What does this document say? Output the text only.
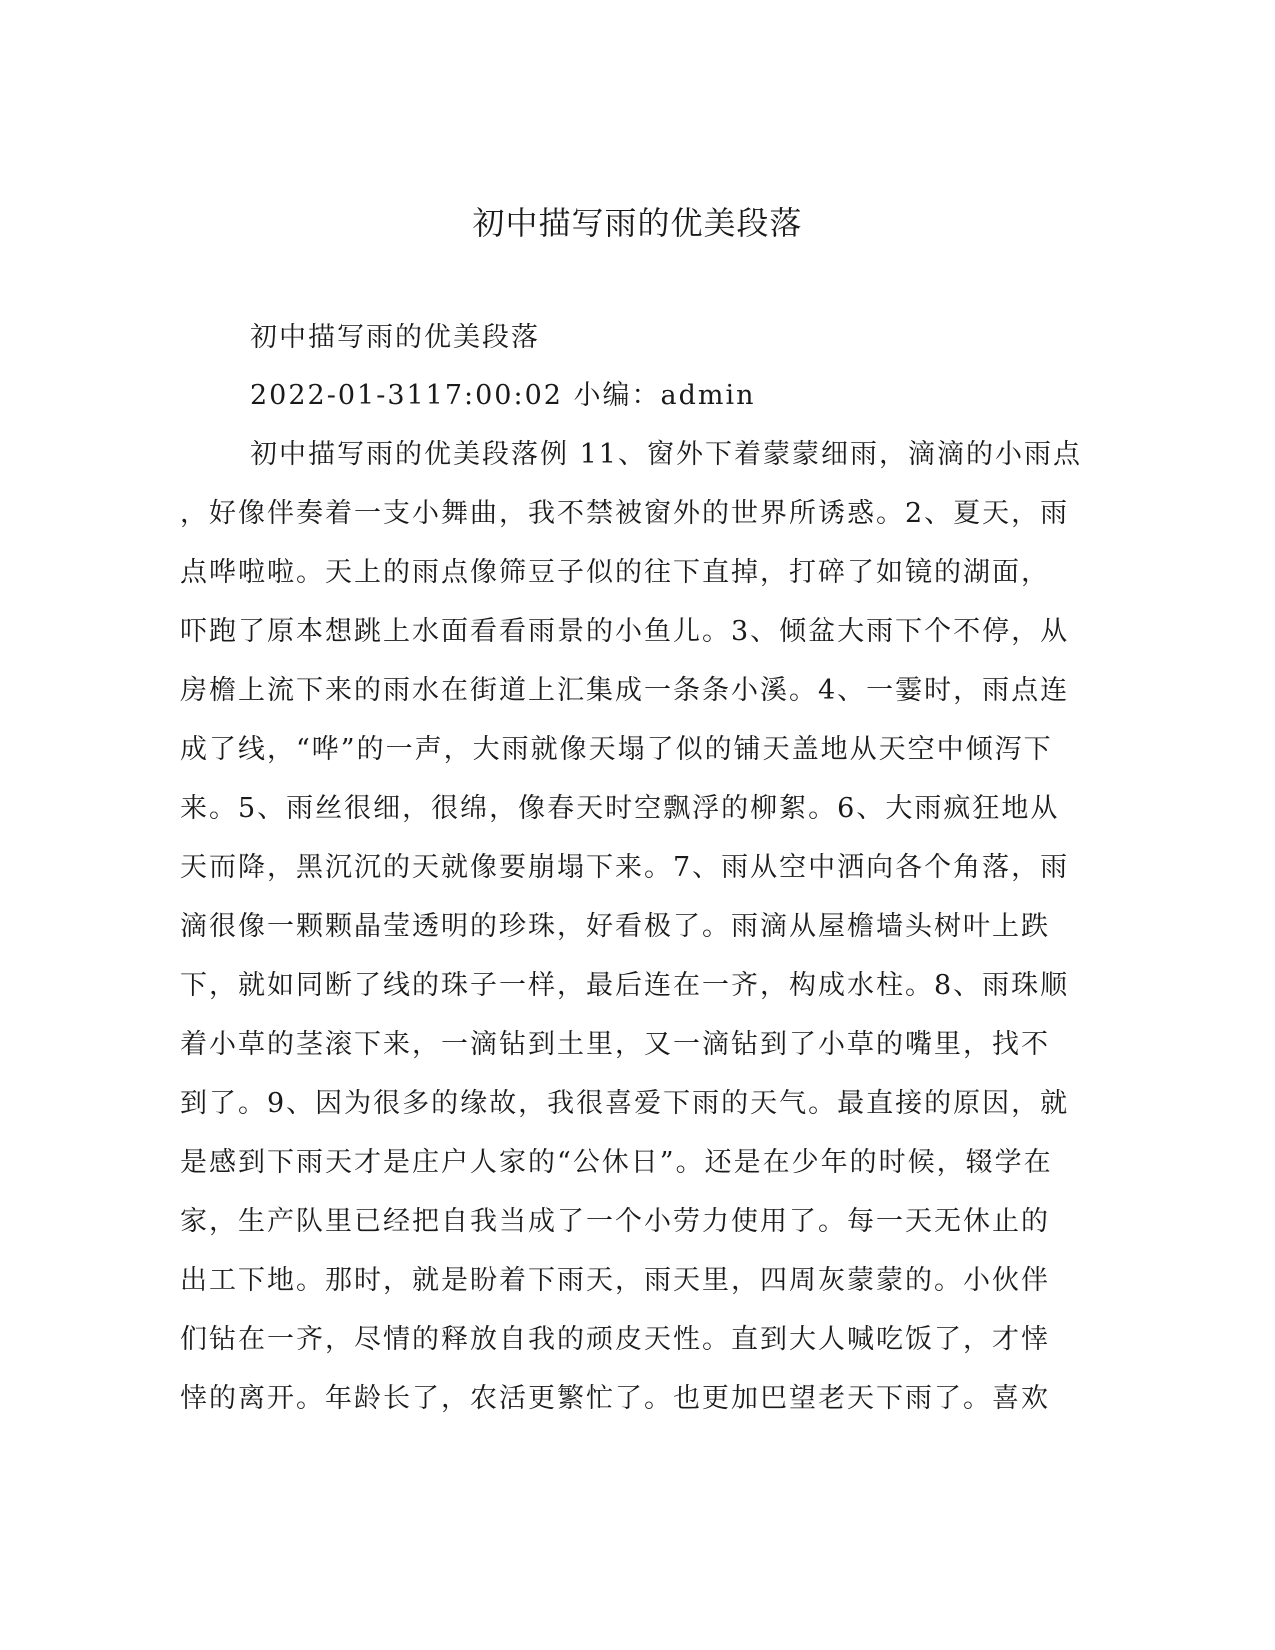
初中描写雨的优美段落
初中描写雨的优美段落
2022-01-3117:00:02 小编：admin
初中描写雨的优美段落例 11、窗外下着蒙蒙细雨，滴滴的小雨点
，好像伴奏着一支小舞曲，我不禁被窗外的世界所诱惑。2、夏天，雨
点哗啦啦。天上的雨点像筛豆子似的往下直掉，打碎了如镜的湖面，
吓跑了原本想跳上水面看看雨景的小鱼儿。3、倾盆大雨下个不停，从
房檐上流下来的雨水在街道上汇集成一条条小溪。4、一霎时，雨点连
成了线，“哗”的一声，大雨就像天塌了似的铺天盖地从天空中倾泻下
来。5、雨丝很细，很绵，像春天时空飘浮的柳絮。6、大雨疯狂地从
天而降，黑沉沉的天就像要崩塌下来。7、雨从空中洒向各个角落，雨
滴很像一颗颗晶莹透明的珍珠，好看极了。雨滴从屋檐墙头树叶上跌
下，就如同断了线的珠子一样，最后连在一齐，构成水柱。8、雨珠顺
着小草的茎滚下来，一滴钻到土里，又一滴钻到了小草的嘴里，找不
到了。9、因为很多的缘故，我很喜爱下雨的天气。最直接的原因，就
是感到下雨天才是庄户人家的“公休日”。还是在少年的时候，辍学在
家，生产队里已经把自我当成了一个小劳力使用了。每一天无休止的
出工下地。那时，就是盼着下雨天，雨天里，四周灰蒙蒙的。小伙伴
们钻在一齐，尽情的释放自我的顽皮天性。直到大人喊吃饭了，才悻
悻的离开。年龄长了，农活更繁忙了。也更加巴望老天下雨了。喜欢
